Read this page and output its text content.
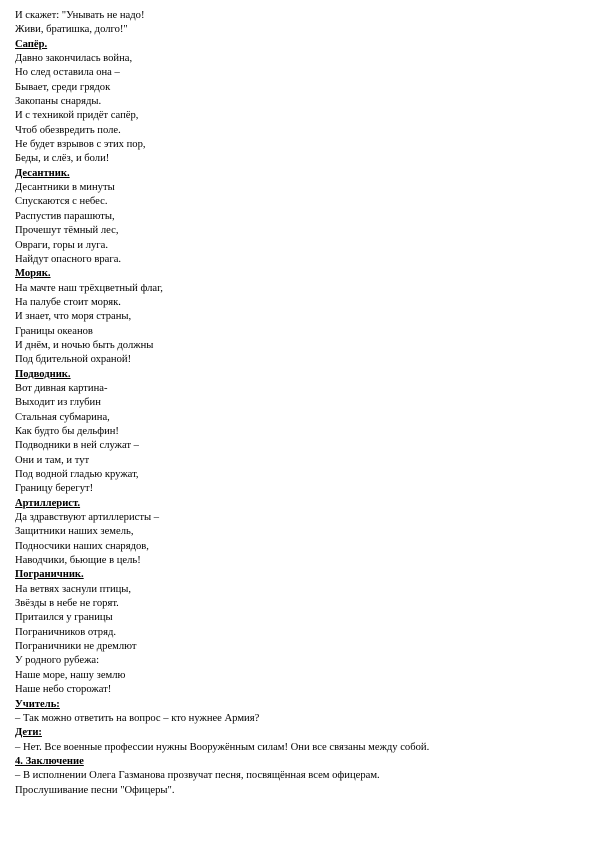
И скажет: "Унывать не надо!

Живи, братишка, долго!"

Сапёр.

Давно закончилась война,

Но след оставила она –

Бывает, среди грядок

Закопаны снаряды.

И с техникой придёт сапёр,

Чтоб обезвредить поле.

Не будет взрывов с этих пор,

Беды, и слёз, и боли!

Десантник.

Десантники в минуты

Спускаются с небес.

Распустив парашюты,

Прочешут тёмный лес,

Овраги, горы и луга.

Найдут опасного врага.

Моряк.

На мачте наш трёхцветный флаг,

На палубе стоит моряк.

И знает, что моря страны,

Границы океанов

И днём, и ночью быть должны

Под бдительной охраной!

Подводник.

Вот дивная картина-

Выходит из глубин

Стальная субмарина,

Как будто бы дельфин!

Подводники в ней служат –

Они и там, и тут

Под водной гладью кружат,

Границу берегут!

Артиллерист.

Да здравствуют артиллеристы –

Защитники наших земель,

Подносчики наших снарядов,

Наводчики, бьющие в цель!

Пограничник.

На ветвях заснули птицы,

Звёзды в небе не горят.

Притаился у границы

Пограничников отряд.

Пограничники не дремлют

У родного рубежа:

Наше море, нашу землю

Наше небо сторожат!

Учитель:

– Так можно ответить на вопрос – кто нужнее Армия?

Дети:

– Нет. Все военные профессии нужны Вооружённым силам! Они все связаны между собой.

4. Заключение

– В исполнении Олега Газманова прозвучат песня, посвящённая всем офицерам.

Прослушивание песни "Офицеры".
